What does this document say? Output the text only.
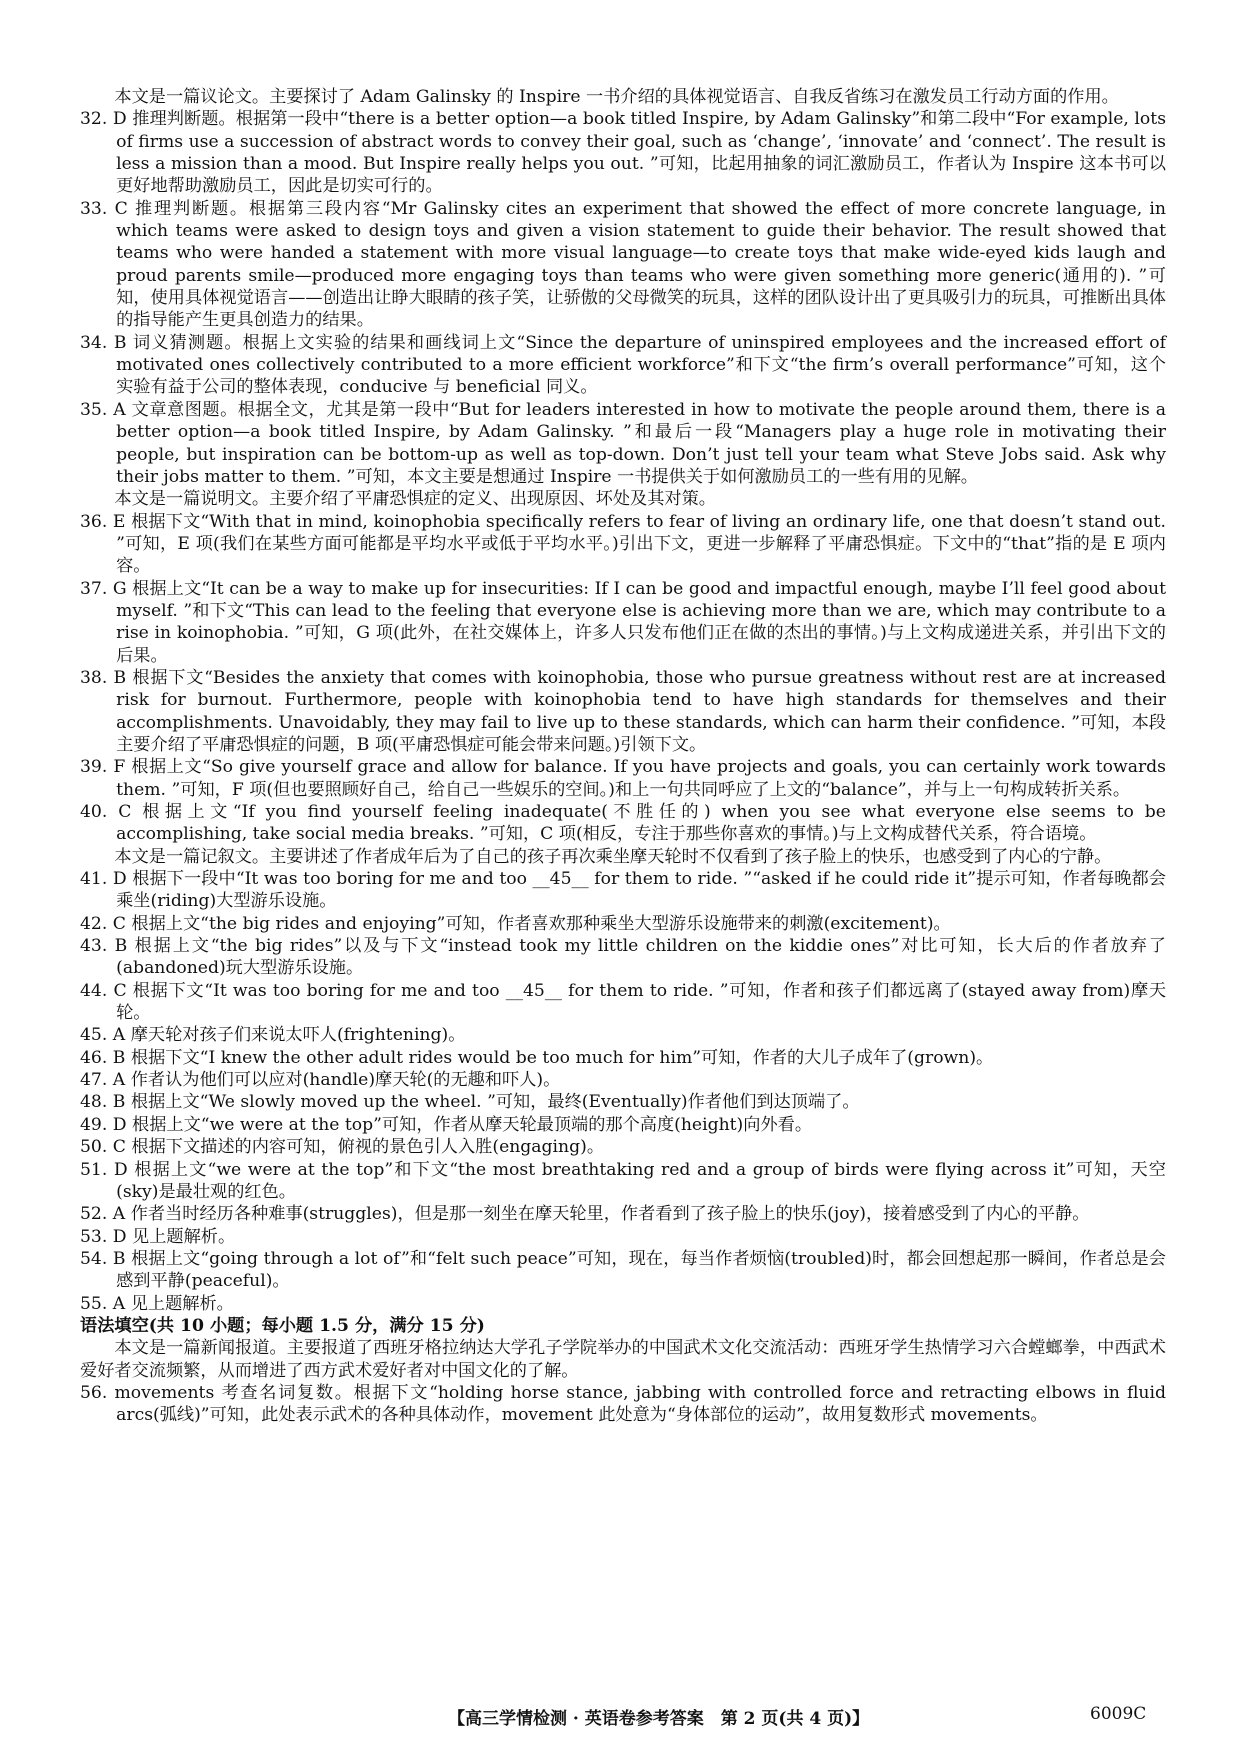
本文是一篇议论文。主要探讨了 Adam Galinsky 的 Inspire 一书介绍的具体视觉语言、自我反省练习在激发员工行动方面的作用。
32. D 推理判断题。根据第一段中“there is a better option—a book titled Inspire, by Adam Galinsky”和第二段中“For example, lots of firms use a succession of abstract words to convey their goal, such as ‘change’, ‘innovate’ and ‘connect’. The result is less a mission than a mood. But Inspire really helps you out. ”可知，比起用抽象的词汇激励员工，作者认为 Inspire 这本书可以更好地帮助激励员工，因此是切实可行的。
33. C 推理判断题。根据第三段内容“Mr Galinsky cites an experiment that showed the effect of more concrete language, in which teams were asked to design toys and given a vision statement to guide their behavior. The result showed that teams who were handed a statement with more visual language—to create toys that make wide-eyed kids laugh and proud parents smile—produced more engaging toys than teams who were given something more generic(通用的). ”可知，使用具体视觉语言——创造出让睁大眼睛的孩子笑，让骄傲的父母微笑的玩具，这样的团队设计出了更具吸引力的玩具，可推断出具体的指导能产生更具创造力的结果。
34. B 词义猜测题。根据上文实验的结果和画线词上文“Since the departure of uninspired employees and the increased effort of motivated ones collectively contributed to a more efficient workforce”和下文“the firm’s overall performance”可知，这个实验有益于公司的整体表现，conducive 与 beneficial 同义。
35. A 文章意图题。根据全文，尤其是第一段中“But for leaders interested in how to motivate the people around them, there is a better option—a book titled Inspire, by Adam Galinsky. ”和最后一段“Managers play a huge role in motivating their people, but inspiration can be bottom-up as well as top-down. Don’t just tell your team what Steve Jobs said. Ask why their jobs matter to them. ”可知，本文主要是想通过 Inspire 一书提供关于如何激励员工的一些有用的见解。
本文是一篇说明文。主要介绍了平庸恐惧症的定义、出现原因、坏处及其对策。
36. E 根据下文“With that in mind, koinophobia specifically refers to fear of living an ordinary life, one that doesn’t stand out. ”可知，E 项(我们在某些方面可能都是平均水平或低于平均水平。)引出下文，更进一步解释了平庸恐惧症。下文中的“that”指的是 E 项内容。
37. G 根据上文“It can be a way to make up for insecurities: If I can be good and impactful enough, maybe I’ll feel good about myself. ”和下文“This can lead to the feeling that everyone else is achieving more than we are, which may contribute to a rise in koinophobia. ”可知，G 项(此外，在社交媒体上，许多人只发布他们正在做的杰出的事情。)与上文构成递进关系，并引出下文的后果。
38. B 根据下文“Besides the anxiety that comes with koinophobia, those who pursue greatness without rest are at increased risk for burnout. Furthermore, people with koinophobia tend to have high standards for themselves and their accomplishments. Unavoidably, they may fail to live up to these standards, which can harm their confidence. ”可知，本段主要介绍了平庸恐惧症的问题，B 项(平庸恐惧症可能会带来问题。)引领下文。
39. F 根据上文“So give yourself grace and allow for balance. If you have projects and goals, you can certainly work towards them. ”可知，F 项(但也要照顾好自己，给自己一些娱乐的空间。)和上一句共同呼应了上文的“balance”，并与上一句构成转折关系。
40. C 根据上文“If you find yourself feeling inadequate(不胜任的) when you see what everyone else seems to be accomplishing, take social media breaks. ”可知，C 项(相反，专注于那些你喜欢的事情。)与上文构成替代关系，符合语境。
本文是一篇记叙文。主要讲述了作者成年后为了自己的孩子再次乘坐摩天轮时不仅看到了孩子脸上的快乐，也感受到了内心的宁静。
41. D 根据下一段中“It was too boring for me and too __45__ for them to ride. ”“asked if he could ride it”提示可知，作者每晚都会乘坐(riding)大型游乐设施。
42. C 根据上文“the big rides and enjoying”可知，作者喜欢那种乘坐大型游乐设施带来的刺激(excitement)。
43. B 根据上文“the big rides”以及与下文“instead took my little children on the kiddie ones”对比可知，长大后的作者放弃了(abandoned)玩大型游乐设施。
44. C 根据下文“It was too boring for me and too __45__ for them to ride. ”可知，作者和孩子们都远离了(stayed away from)摩天轮。
45. A 摩天轮对孩子们来说太吓人(frightening)。
46. B 根据下文“I knew the other adult rides would be too much for him”可知，作者的大儿子成年了(grown)。
47. A 作者认为他们可以应对(handle)摩天轮(的无趣和吓人)。
48. B 根据上文“We slowly moved up the wheel. ”可知，最终(Eventually)作者他们到达顶端了。
49. D 根据上文“we were at the top”可知，作者从摩天轮最顶端的那个高度(height)向外看。
50. C 根据下文描述的内容可知，俯视的景色引人入胜(engaging)。
51. D 根据上文“we were at the top”和下文“the most breathtaking red and a group of birds were flying across it”可知，天空(sky)是最壮观的红色。
52. A 作者当时经历各种难事(struggles)，但是那一刻坐在摩天轮里，作者看到了孩子脸上的快乐(joy)，接着感受到了内心的平静。
53. D 见上题解析。
54. B 根据上文“going through a lot of”和“felt such peace”可知，现在，每当作者烦恼(troubled)时，都会回想起那一瞬间，作者总是会感到平静(peaceful)。
55. A 见上题解析。
语法填空(共 10 小题；每小题 1.5 分，满分 15 分)
本文是一篇新闻报道。主要报道了西班牙格拉纳达大学孔子学院举办的中国武术文化交流活动：西班牙学生热情学习六合螳螂拳，中西武术爱好者交流频繁，从而增进了西方武术爱好者对中国文化的了解。
56. movements 考查名词复数。根据下文“holding horse stance, jabbing with controlled force and retracting elbows in fluid arcs(弧线)”可知，此处表示武术的各种具体动作，movement 此处意为“身体部位的运动”，故用复数形式 movements。
【高三学情检测 · 英语卷参考答案　第 2 页(共 4 页)】	6009C
